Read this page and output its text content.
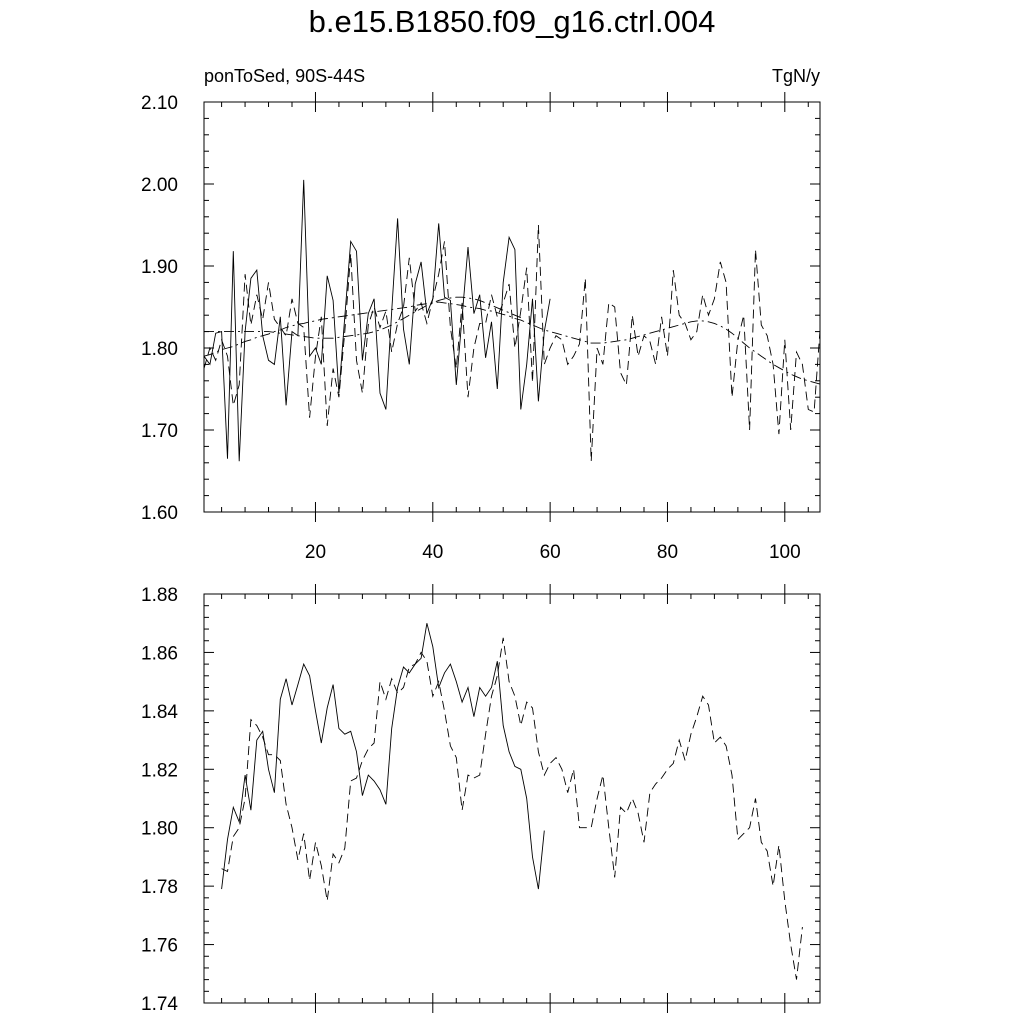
b.e15.B1850.f09_g16.ctrl.004
ponToSed, 90S-44S	TgN/y
1.60
1.70
1.80
1.90
2.00
2.10
20	40	60	80	100
1.74
1.76
1.78
1.80
1.82
1.84
1.86
1.88
